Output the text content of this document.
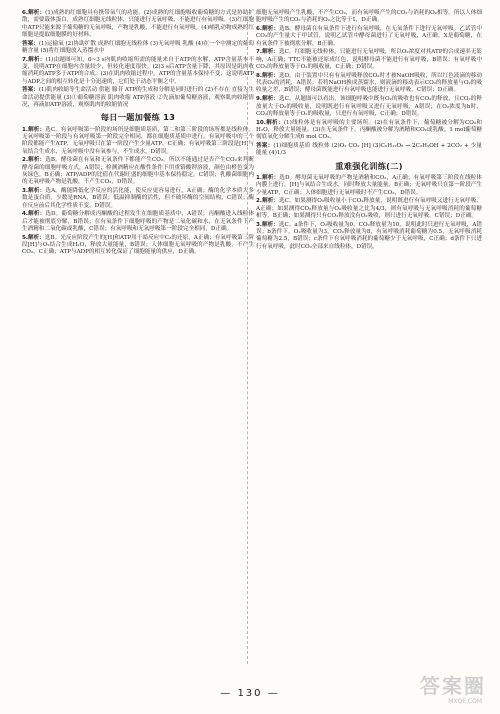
6.解析：(1)成熟的红细胞具有携带氧气的功能。(2)成熟的红细胞吸收葡萄糖的方式是协助扩散，需要载体蛋白，成熟红细胞无线粒体，只能进行无氧呼吸，不能进行有氧呼吸。(3)红细胞中ATP只能来源于葡萄糖的无氧呼吸，产物是乳酸，不能进行有氧呼吸。(4)哺乳动物成熟的红细胞是提取细胞膜的好材料。

答案：(1)运输氧 (2)协助扩散 成熟红细胞无线粒体 (3)无氧呼吸 乳酸 (4)在一个中测定的葡萄糖含量 (5)将红细胞放入蒸馏水中

7.解析：(1)由题图可知，0~3 s内肌肉收缩所需的能量来自于ATP的水解，ATP含量基本不变，说明ATP在细胞内含量较少，但转化速度很快。(2)3 s后ATP含量下降，其原因是肌肉收缩消耗的ATP多于ATP的合成。(3)在肌肉收缩过程中，ATP的含量基本保持不变，这说明ATP与ADP之间的相互转化是十分迅速的，它们处于动态平衡之中。

答案：(1)肌肉收缩等生命活动 供能 腺苷 ATP的生成和分解是同时进行的 (2)不存在 直接为生命活动提供能量 (3)①葡萄糖溶液 肌肉收缩 ATP溶液 ②先滴加葡萄糖溶液，观察肌肉收缩情况，再滴加ATP溶液，观察肌肉的收缩情况

每日一题加餐练 13

1.解析：选C。有氧呼吸第一阶段的场所是细胞质基质，第二和第三阶段的场所都是线粒体。无氧呼吸第一阶段与有氧呼吸第一阶段完全相同，都在细胞质基质中进行。有氧呼吸中的三个阶段都能产生ATP，无氧呼吸只在第一阶段产生少量ATP。C正确；有氧呼吸第三阶段是[H]与氧结合生成水，无氧呼吸中没有氧参与，不生成水，D错误。

2.解析：选B。酵母菌在有氧和无氧条件下都能产生CO₂，所以不能通过是否产生CO₂来判断酵母菌的细胞呼吸方式，A错误；检测酒精应在酸性条件下用重铬酸钾溶液，颜色由橙色变为灰绿色，B正确；ATP/ADP的比值在代谢旺盛的细胞中基本保持稳定，C错误；乳酸菌细胞内的无氧呼吸产物是乳酸，不产生CO₂，D错误。

3.解析：选A。酶能降低化学反应的活化能，使反应更容易进行，A正确；酶的化学本质大多数是蛋白质，少数是RNA，B错误；低温抑制酶的活性，但不破坏酶的空间结构，C错误；酶在反应前后其化学性质不变，D错误。

4.解析：选D。葡萄糖分解成丙酮酸的过程发生在细胞质基质中，A错误；丙酮酸进入线粒体后才能被彻底分解，B错误；在有氧条件下细胞呼吸的产物是二氧化碳和水，在无氧条件下产生酒精和二氧化碳或乳酸，C错误；有氧呼吸和无氧呼吸第一阶段完全相同，D正确。

5.解析：选B。光反应阶段产生的[H]和ATP用于暗反应中C₃的还原，A正确；有氧呼吸第三阶段[H]与O₂结合生成H₂O，释放大量能量，B错误；人体细胞无氧呼吸的产物是乳酸，不产生CO₂，C正确；ATP与ADP的相互转化保证了细胞能量的供应，D正确。

细胞无氧呼吸产生乳酸，不产生CO₂，而有氧呼吸产生的CO₂与消耗的O₂相等，所以人体细胞呼吸产生的CO₂与消耗的O₂之比等于1，D正确。

6.解析：选B。酵母菌在有氧条件下进行有氧呼吸，在无氧条件下进行无氧呼吸。乙试管中CO₂的产生量大于甲试管，说明乙试管中酵母菌进行了无氧呼吸，A正确。X是葡萄糖，在有氧条件下被彻底分解，B正确。

7.解析：选C。红细胞无线粒体，只能进行无氧呼吸，所以O₂浓度对其ATP的合成速率无影响，A正确；TTC不能被还原成红色，说明酵母菌不能进行有氧呼吸，B错误；有氧呼吸中CO₂的释放量等于O₂的吸收量，C正确；D错误。

8.解析：选D。由于装置中只有有氧呼吸释放CO₂时才被NaOH吸收，所以红色液滴的移动代表O₂的消耗，A错误；若将NaOH换成蒸馏水，则液滴的移动表示CO₂的释放量与O₂的吸收量之差，B错误；酵母菌既能进行有氧呼吸也能进行无氧呼吸，C错误；D正确。

9.解析：选C。从题图可以看出，该细胞呼吸中既有O₂的吸收也有CO₂的释放，且CO₂的释放量大于O₂的吸收量，说明既进行有氧呼吸又进行无氧呼吸，A错误；在O₂浓度为b时，CO₂的释放量等于O₂的吸收量，只进行有氧呼吸，C正确；D错误。

10.解析：(1)线粒体是有氧呼吸的主要场所。(2)在有氧条件下，葡萄糖被分解为CO₂和H₂O，释放大量能量。(3)在无氧条件下，丙酮酸被分解为酒精和CO₂或乳酸。1 mol葡萄糖彻底氧化分解生成6 mol CO₂。

答案：(1)细胞质基质 线粒体 (2)O₂ CO₂ [H] (3)C₆H₁₂O₆ → 2C₂H₅OH + 2CO₂ + 少量能量 (4)1/3

重难强化训练(二)

1.解析：选D。酵母菌无氧呼吸的产物是酒精和CO₂，A正确；有氧呼吸第三阶段在线粒体内膜上进行，[H]与氧结合生成水，同时释放大量能量，B正确；无氧呼吸只在第一阶段产生少量ATP，C正确；人体细胞进行无氧呼吸时不产生CO₂，D错误。

2.解析：选C。如果测得O₂吸收量小于CO₂释放量，说明既进行有氧呼吸又进行无氧呼吸，A正确；如果测得CO₂释放量与O₂吸收量之比为4/3，则有氧呼吸与无氧呼吸消耗的葡萄糖相等，B正确；如果测得只有CO₂释放没有O₂吸收，则只进行无氧呼吸，C错误；D正确。

3.解析：选C。a条件下，O₂吸收量为0，CO₂释放量为10，说明此时只进行无氧呼吸，A错误；b条件下，O₂吸收量为3，CO₂释放量为8，有氧呼吸消耗葡萄糖为0.5，无氧呼吸消耗葡萄糖为2.5，B错误；c条件下有氧呼吸消耗的葡萄糖少于无氧呼吸，C正确；d条件下只进行有氧呼吸，此时CO₂全部来自线粒体，D错误。

— 130 —	答案圈
MXQE.COM
